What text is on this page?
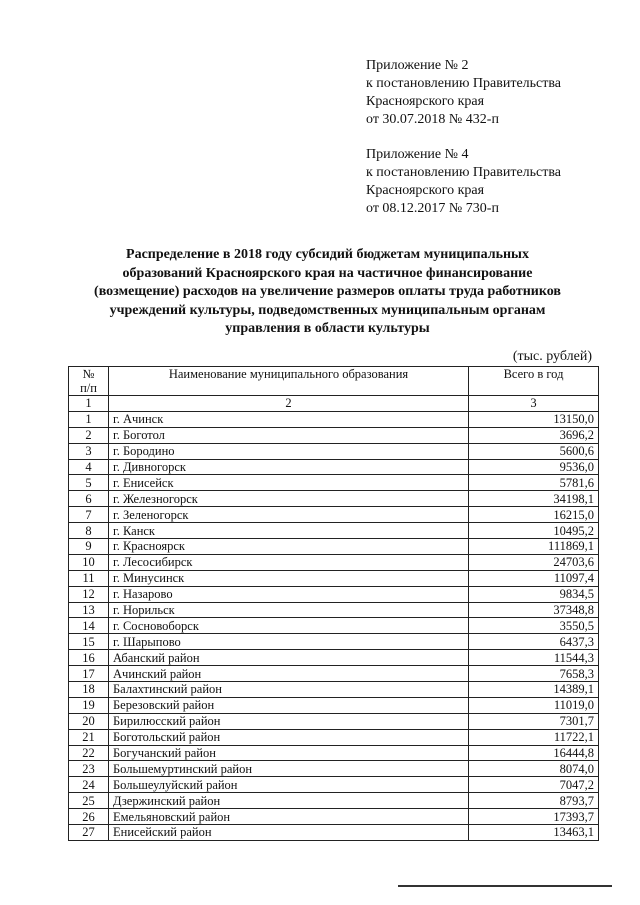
Приложение № 2
к постановлению Правительства
Красноярского края
от 30.07.2018 № 432-п
Приложение № 4
к постановлению Правительства
Красноярского края
от 08.12.2017 № 730-п
Распределение в 2018 году субсидий бюджетам муниципальных
образований Красноярского края на частичное финансирование
(возмещение) расходов на увеличение размеров оплаты труда работников
учреждений культуры, подведомственных муниципальным органам
управления в области культуры
(тыс. рублей)
№
п/п	Наименование муниципального образования	Всего в год
1	2	3
1	г. Ачинск	13150,0
2	г. Боготол	3696,2
3	г. Бородино	5600,6
4	г. Дивногорск	9536,0
5	г. Енисейск	5781,6
6	г. Железногорск	34198,1
7	г. Зеленогорск	16215,0
8	г. Канск	10495,2
9	г. Красноярск	111869,1
10	г. Лесосибирск	24703,6
11	г. Минусинск	11097,4
12	г. Назарово	9834,5
13	г. Норильск	37348,8
14	г. Сосновоборск	3550,5
15	г. Шарыпово	6437,3
16	Абанский район	11544,3
17	Ачинский район	7658,3
18	Балахтинский район	14389,1
19	Березовский район	11019,0
20	Бирилюсский район	7301,7
21	Боготольский район	11722,1
22	Богучанский район	16444,8
23	Большемуртинский район	8074,0
24	Большеулуйский район	7047,2
25	Дзержинский район	8793,7
26	Емельяновский район	17393,7
27	Енисейский район	13463,1
